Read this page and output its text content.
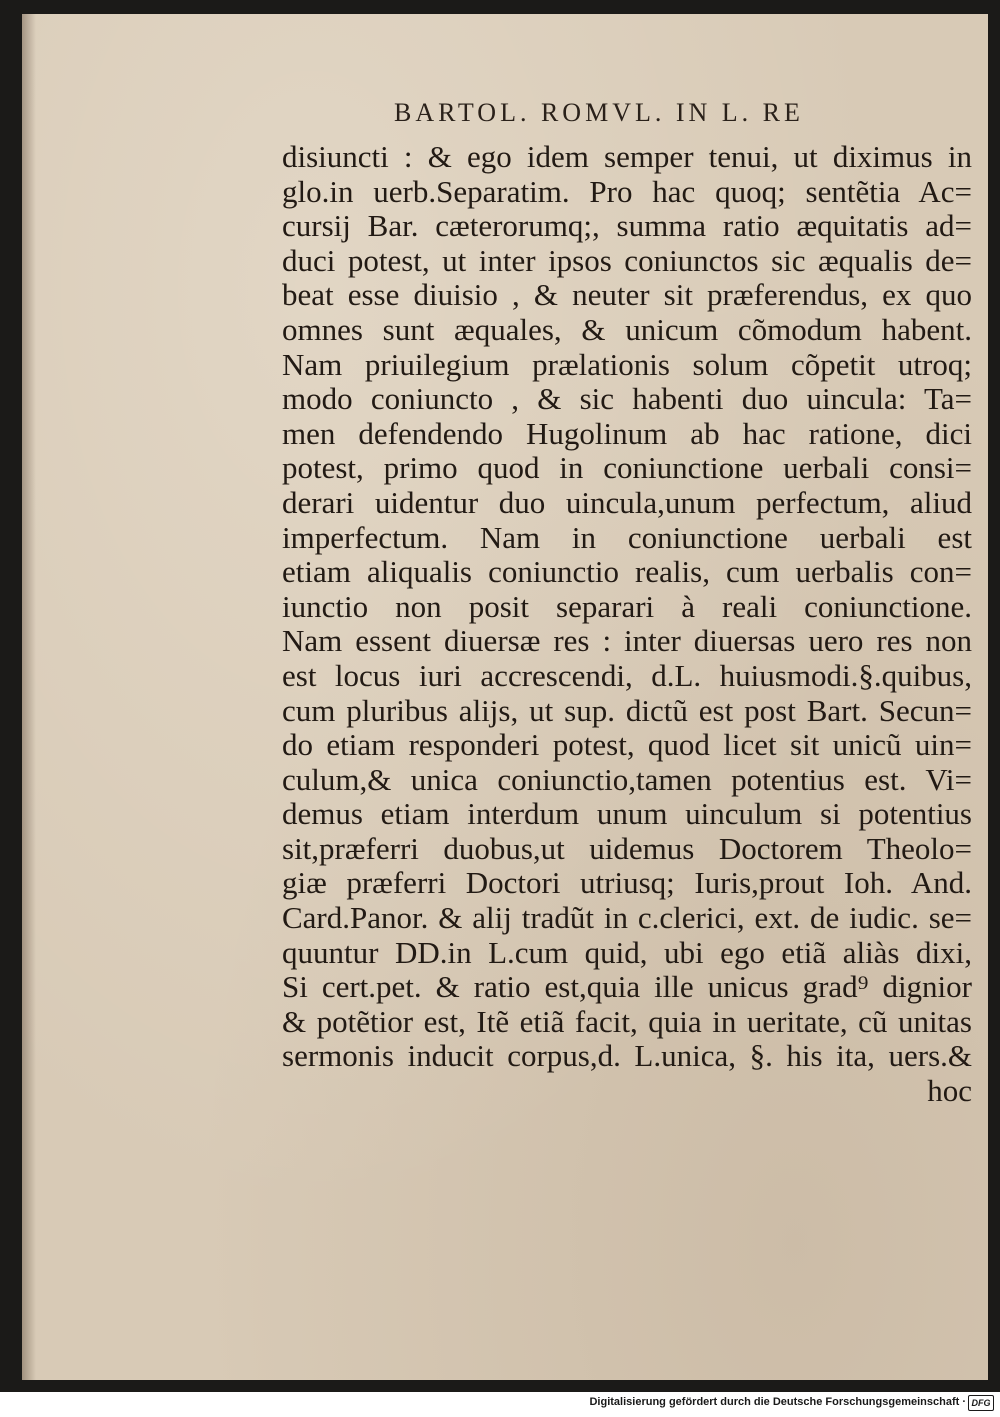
BARTOL. ROMVL. IN L. RE
disiuncti : & ego idem semper tenui, ut diximus in
glo.in uerb.Separatim. Pro hac quoq; sentẽtia Ac=
cursij Bar. cæterorumq;, summa ratio æquitatis ad=
duci potest, ut inter ipsos coniunctos sic æqualis de=
beat esse diuisio , & neuter sit præferendus, ex quo
omnes sunt æquales, & unicum cõmodum habent.
Nam priuilegium prælationis solum cõpetit utroq;
modo coniuncto , & sic habenti duo uincula: Ta=
men defendendo Hugolinum ab hac ratione, dici
potest, primo quod in coniunctione uerbali consi=
derari uidentur duo uincula,unum perfectum, aliud
imperfectum. Nam in coniunctione uerbali est
etiam aliqualis coniunctio realis, cum uerbalis con=
iunctio non posit separari à reali coniunctione.
Nam essent diuersæ res : inter diuersas uero res non
est locus iuri accrescendi, d.L. huiusmodi.§.quibus,
cum pluribus alijs, ut sup. dictũ est post Bart. Secun=
do etiam responderi potest, quod licet sit unicũ uin=
culum,& unica coniunctio,tamen potentius est. Vi=
demus etiam interdum unum uinculum si potentius
sit,præferri duobus,ut uidemus Doctorem Theolo=
giæ præferri Doctori utriusq; Iuris,prout Ioh. And.
Card.Panor. & alij tradũt in c.clerici, ext. de iudic. se=
quuntur DD.in L.cum quid, ubi ego etiã aliàs dixi,
Si cert.pet. & ratio est,quia ille unicus grad⁹ dignior
& potẽtior est, Itẽ etiã facit, quia in ueritate, cũ unitas
sermonis inducit corpus,d. L.unica, §. his ita, uers.&
hoc
Digitalisierung gefördert durch die Deutsche Forschungsgemeinschaft · DFG
